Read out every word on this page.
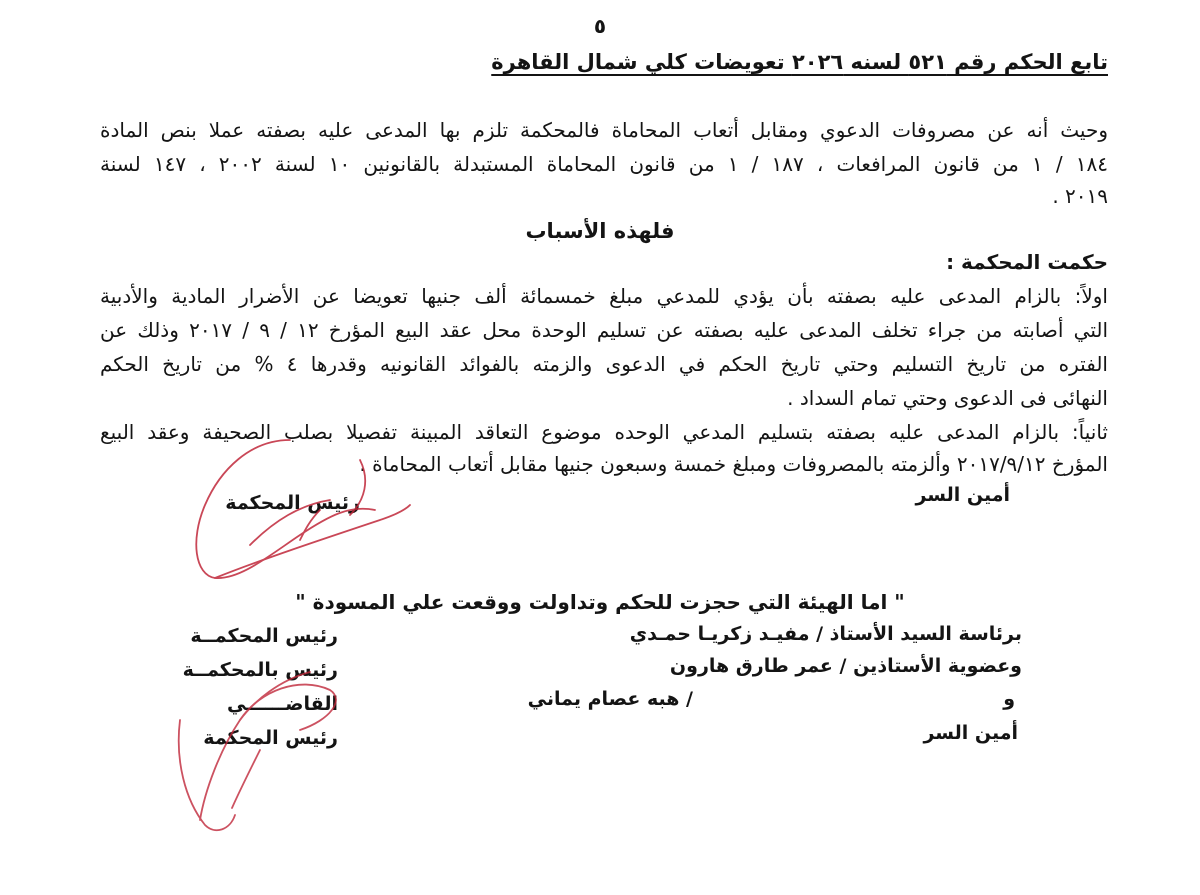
٥
تابع الحكم رقم ٥٢١ لسنه ٢٠٢٦ تعويضات كلي شمال القاهرة
وحيث أنه عن مصروفات الدعوي ومقابل أتعاب المحاماة فالمحكمة تلزم بها المدعى عليه بصفته عملا بنص المادة
١٨٤ / ١ من قانون المرافعات ، ١٨٧ / ١ من قانون المحاماة المستبدلة بالقانونين ١٠ لسنة ٢٠٠٢ ، ١٤٧ لسنة
٢٠١٩ .
فلهذه الأسباب
حكمت المحكمة :
اولاً: بالزام المدعى عليه بصفته بأن يؤدي للمدعي مبلغ خمسمائة ألف جنيها تعويضا عن الأضرار المادية والأدبية
التي أصابته من جراء تخلف المدعى عليه بصفته عن تسليم الوحدة محل عقد البيع المؤرخ ١٢ / ٩ / ٢٠١٧ وذلك عن
الفتره من تاريخ التسليم وحتي تاريخ الحكم في الدعوى والزمته بالفوائد القانونيه وقدرها ٤ % من تاريخ الحكم
النهائى فى الدعوى وحتي تمام السداد .
ثانياً: بالزام المدعى عليه بصفته بتسليم المدعي الوحده موضوع التعاقد المبينة تفصيلا بصلب الصحيفة وعقد البيع
المؤرخ ٢٠١٧/٩/١٢ وألزمته بالمصروفات ومبلغ خمسة وسبعون جنيها مقابل أتعاب المحاماة .
أمين السر
رئيس المحكمة
" اما الهيئة التي حجزت للحكم وتداولت ووقعت علي المسودة "
برئاسة السيد الأستاذ / مفيـد زكريـا حمـدي
وعضوية الأستاذين / عمر طارق هارون
و
/ هبه عصام يماني
أمين السر
رئيس المحكمــة
رئيس بالمحكمــة
القاضــــــي
رئيس المحكمة
